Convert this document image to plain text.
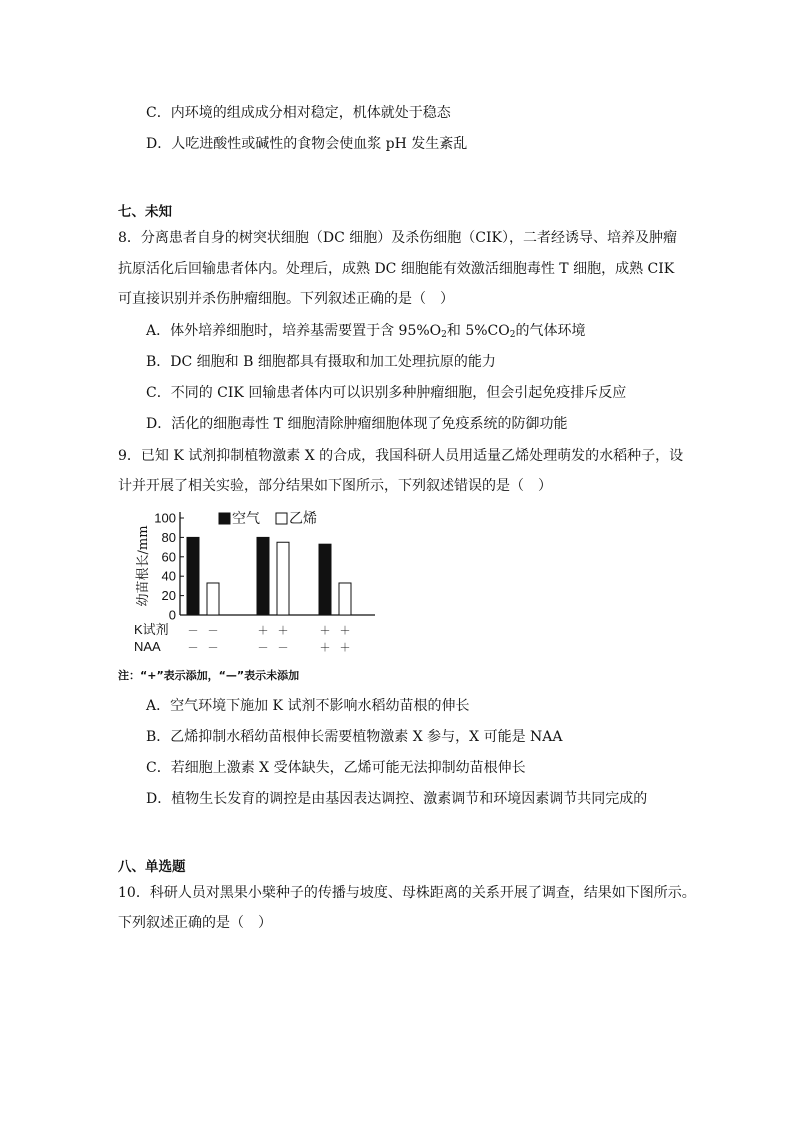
C．内环境的组成成分相对稳定，机体就处于稳态
D．人吃进酸性或碱性的食物会使血浆 pH 发生紊乱
七、未知
8．分离患者自身的树突状细胞（DC 细胞）及杀伤细胞（CIK），二者经诱导、培养及肿瘤
抗原活化后回输患者体内。处理后，成熟 DC 细胞能有效激活细胞毒性 T 细胞，成熟 CIK
可直接识别并杀伤肿瘤细胞。下列叙述正确的是（　）
A．体外培养细胞时，培养基需要置于含 $95\%O_2$和 $5\%CO_2$的气体环境
B．DC 细胞和 B 细胞都具有摄取和加工处理抗原的能力
C．不同的 CIK 回输患者体内可以识别多种肿瘤细胞，但会引起免疫排斥反应
D．活化的细胞毒性 T 细胞清除肿瘤细胞体现了免疫系统的防御功能
9．已知 K 试剂抑制植物激素 X 的合成，我国科研人员用适量乙烯处理萌发的水稻种子，设
计并开展了相关实验，部分结果如下图所示，下列叙述错误的是（　）
幼苗根长/mm
0
20
40
60
80
100	空气 乙烯
K试剂 － －	＋ ＋	＋ ＋
NAA － －	－ －	＋ ＋
注：“+”表示添加，“—”表示未添加
A．空气环境下施加 K 试剂不影响水稻幼苗根的伸长
B．乙烯抑制水稻幼苗根伸长需要植物激素 X 参与，X 可能是 NAA
C．若细胞上激素 X 受体缺失，乙烯可能无法抑制幼苗根伸长
D．植物生长发育的调控是由基因表达调控、激素调节和环境因素调节共同完成的
八、单选题
10．科研人员对黑果小檗种子的传播与坡度、母株距离的关系开展了调查，结果如下图所示。
下列叙述正确的是（　）
